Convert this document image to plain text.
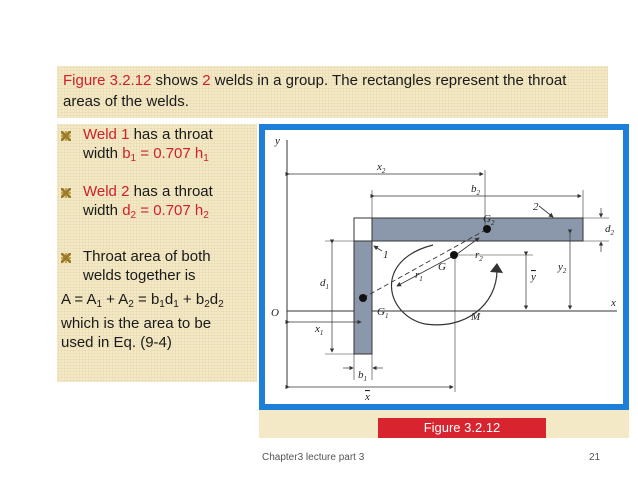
Figure 3.2.12 shows 2 welds in a group. The rectangles represent the throat
areas of the welds.
Weld 1 has a throat
width $b_1 = 0.707$ $h_1$
Weld 2 has a throat
width $d_2 = 0.707$ $h_2$
Throat area of both
welds together is
$A = A_1 + A_2 = b_1d_1 + b_2d_2$
which is the area to be
used in Eq. (9-4)
y
x
O
$x_2$
$b_2$
$d_2$
$y_2$
y
$d_1$
$x_1$
$b_1$
x
$G_1$
$G_2$
G
M
$r_1$
$r_2$
1
2
Figure 3.2.12
Chapter3 lecture part 3	21
